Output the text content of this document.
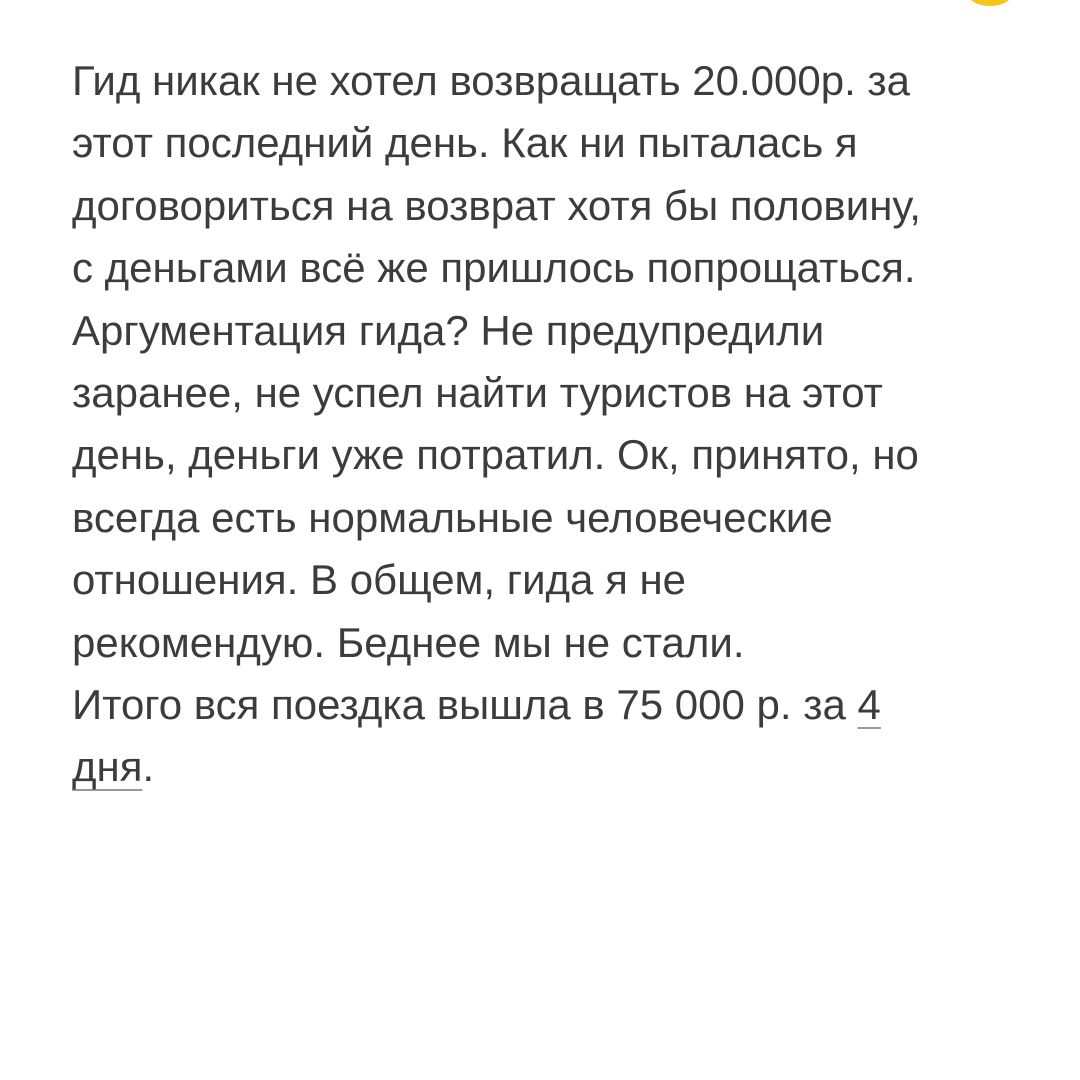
Гид никак не хотел возвращать 20.000р. за
этот последний день. Как ни пыталась я
договориться на возврат хотя бы половину,
с деньгами всё же пришлось попрощаться.
Аргументация гида? Не предупредили
заранее, не успел найти туристов на этот
день, деньги уже потратил. Ок, принято, но
всегда есть нормальные человеческие
отношения. В общем, гида я не
рекомендую. Беднее мы не стали.
Итого вся поездка вышла в 75 000 р. за 4
дня.
